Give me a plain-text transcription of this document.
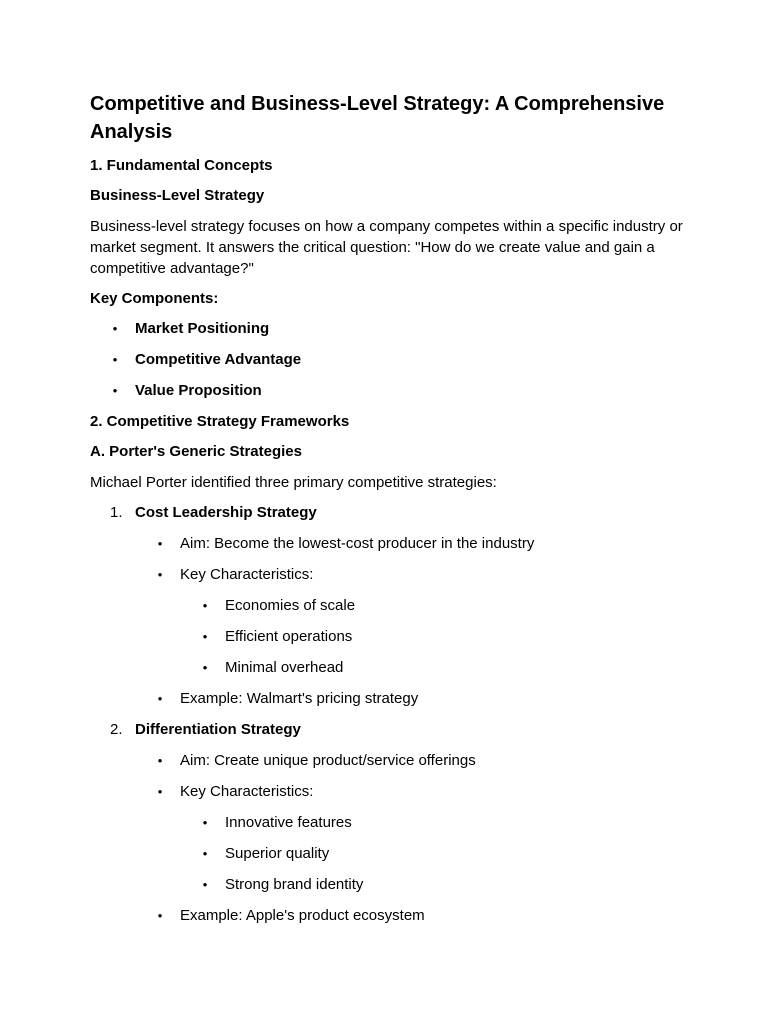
Competitive and Business-Level Strategy: A Comprehensive Analysis
1. Fundamental Concepts
Business-Level Strategy
Business-level strategy focuses on how a company competes within a specific industry or market segment. It answers the critical question: "How do we create value and gain a competitive advantage?"
Key Components:
• Market Positioning
• Competitive Advantage
• Value Proposition
2. Competitive Strategy Frameworks
A. Porter's Generic Strategies
Michael Porter identified three primary competitive strategies:
1. Cost Leadership Strategy
• Aim: Become the lowest-cost producer in the industry
• Key Characteristics:
• Economies of scale
• Efficient operations
• Minimal overhead
• Example: Walmart's pricing strategy
2. Differentiation Strategy
• Aim: Create unique product/service offerings
• Key Characteristics:
• Innovative features
• Superior quality
• Strong brand identity
• Example: Apple's product ecosystem
